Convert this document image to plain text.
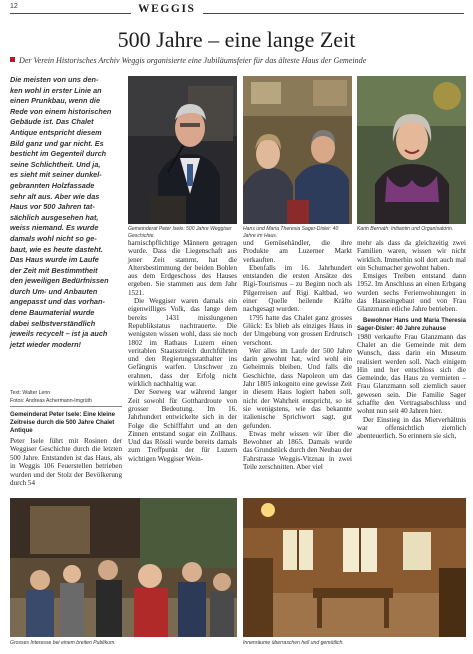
12	WEGGIS
500 Jahre – eine lange Zeit
Der Verein Historisches Archiv Weggis organisierte eine Jubiläumsfeier für das älteste Haus der Gemeinde
Die meisten von uns den-
ken wohl in erster Linie an
einen Prunkbau, wenn die
Rede von einem historischen
Gebäude ist. Das Chalet
Antique entspricht diesem
Bild ganz und gar nicht. Es
besticht im Gegenteil durch
seine Schlichtheit. Und ja,
es sieht mit seiner dunkel-
gebrannten Holzfassade
sehr alt aus. Aber wie das
Haus vor 500 Jahren tat-
sächlich ausgesehen hat,
weiss niemand. Es wurde
damals wohl nicht so ge-
baut, wie es heute dasteht.
Das Haus wurde im Laufe
der Zeit mit Bestimmtheit
den jeweiligen Bedürfnissen
durch Um- und Anbauten
angepasst und das vorhan-
dene Baumaterial wurde
dabei selbstverständlich
jeweils recycelt – ist ja auch
jetzt wieder modern!
Text: Walter Lenn
Fotos: Andreas Achermann-Imgrüth
Gemeinderat Peter Isele: Eine kleine Zeitreise durch die 500 Jahre Chalet Antique
Peter Isele führt mit Rosinen der Weggiser Geschichte durch die letzten 500 Jahre. Entstanden ist das Haus, als in Weggis 106 Feuerstellen betrieben wurden und der Stolz der Bevölkerung durch 54
Gemeinderat Peter Isele: 500 Jahre Weggiser Geschichte.
Hans und Maria Theresia Sager-Disler: 40 Jahre im Haus.
Karin Bernath: Initiantin und Organisatorin.

harnischpflichtige Männern getragen wurde. Dass die Liegenschaft aus jener Zeit stammt, hat die Altersbestimmung der beiden Bohlen aus dem Erdgeschoss des Hauses ergeben. Sie stammen aus dem Jahr 1521.

Die Weggiser waren damals ein eigenwilliges Volk, das lange dem bereits 1431 misslungenen Republikstatus nachtrauerte. Die wenigsten wissen wohl, dass sie noch 1802 im Rathaus Luzern einen veritablen Staatsstreich durchführten und den Regierungsstatthalter ins Gefängnis warfen. Unschwer zu erahnen, dass der Erfolg nicht wirklich nachhaltig war.

Der Seeweg war während langer Zeit sowohl für Gotthardroute von grosser Bedeutung. Im 16. Jahrhundert entwickelte sich in der Folge die Schifffahrt und an den Zinnen entstand sogar ein Zollhaus. Und das Rössli wurde bereits damals zum Treffpunkt der für Luzern wichtigen Weggiser Wein-

und Gemüsehändler, die ihre Produkte am Luzerner Markt verkauften.

Ebenfalls im 16. Jahrhundert entstanden die ersten Ansätze des Rigi-Tourismus – zu Beginn noch als Pilgerreisen auf Rigi Kaltbad, wo einer Quelle heilende Kräfte nachgesagt wurden.

1795 hatte das Chalet ganz grosses Glück: Es blieb als einziges Haus in der Umgebung von grossen Erdrutsch verschont.

Wer alles im Laufe der 500 Jahre darin gewohnt hat, wird wohl ein Geheimnis bleiben. Und falls die Geschichte, dass Napoleon um das Jahr 1805 inkognito eine gewisse Zeit in diesem Haus logiert haben soll, nicht der Wahrheit entspricht, so ist sie wenigstens, wie das bekannte italienische Sprichwort sagt, gut gefunden.

Etwas mehr wissen wir über die Bewohner ab 1865. Damals wurde das Grundstück durch den Neubau der Fahrstrasse Weggis-Vitznau in zwei Teile zerschnitten. Aber viel

mehr als dass da gleichzeitig zwei Familien waren, wissen wir nicht wirklich. Immerhin soll dort auch mal ein Schumacher gewohnt haben.

Emsiges Treiben entstand dann 1952. Im Anschluss an einen Erbgang wurden sechs Ferienwohnungen in das Hauseingebaut und von Frau Glanzmann etliche Jahre betrieben.

Bewohner Hans und Maria Theresia Sager-Disler: 40 Jahre zuhause

1980 verkaufte Frau Glanzmann das Chalet an die Gemeinde mit dem Wunsch, dass darin ein Museum realisiert werden soll. Nach einigem Hin und her entschloss sich die Gemeinde, das Haus zu vermieten – Frau Glanzmann soll ziemlich sauer gewesen sein. Die Familie Sager schaffte den Vertragsabschluss und wohnt nun seit 40 Jahren hier.

Der Einstieg in das Mietverhältnis war offensichtlich ziemlich abenteuerlich. So erinnern sie sich,

Grosses Interesse bei einem breiten Publikum.	Innenräume überraschen hell und gemütlich.
